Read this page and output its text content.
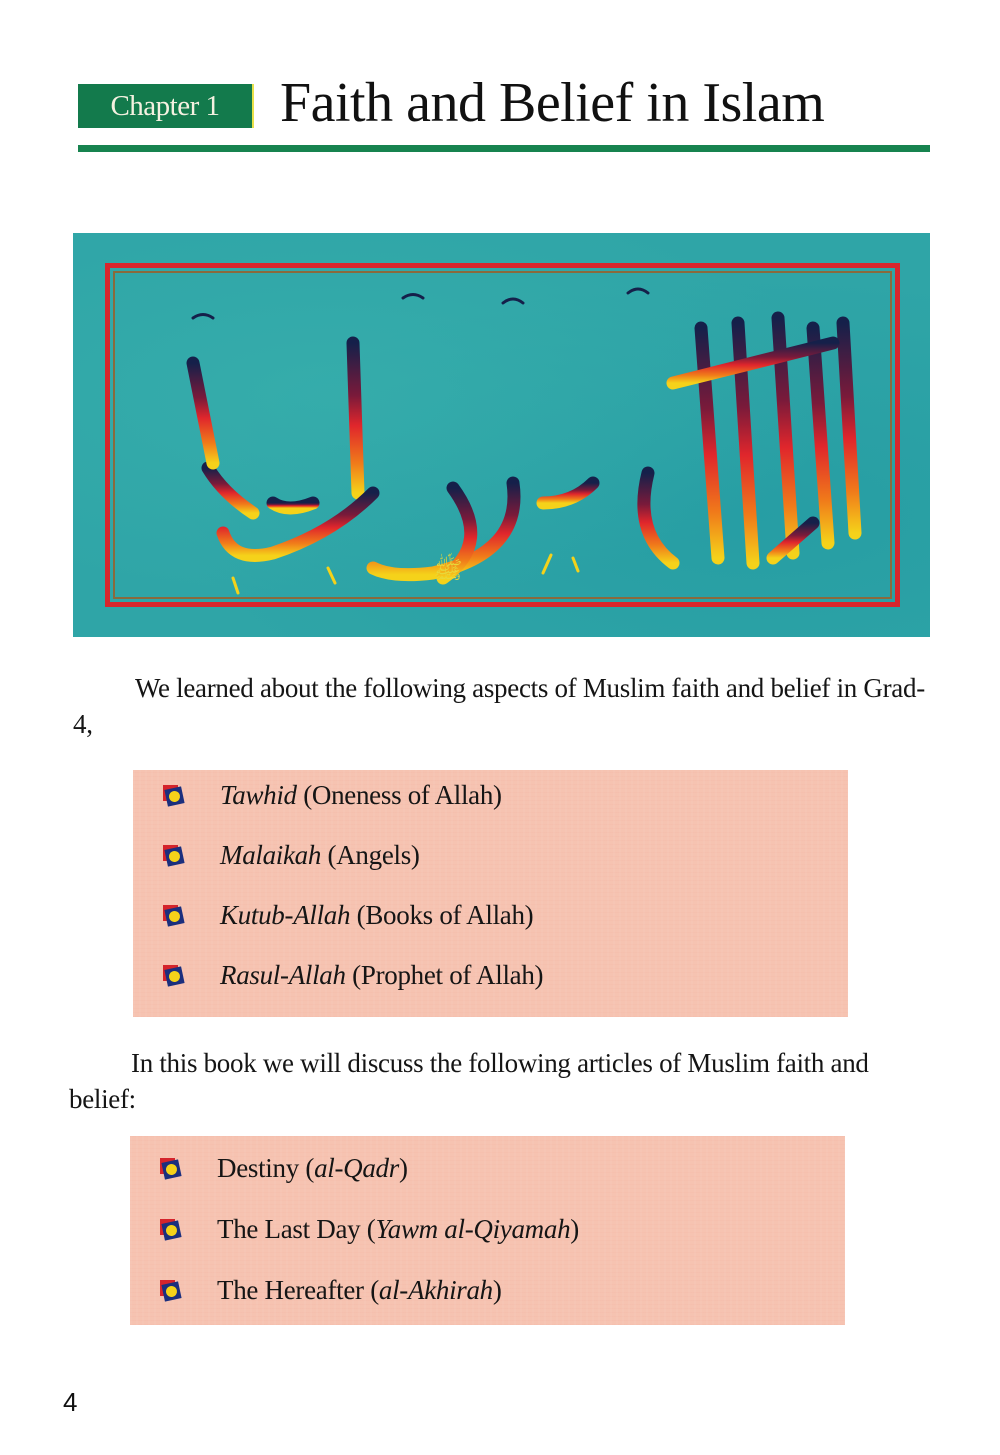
Chapter 1	Faith and Belief in Islam
ﷺ
We learned about the following aspects of Muslim faith and belief in Grad-4,
Tawhid (Oneness of Allah)
Malaikah (Angels)
Kutub-Allah (Books of Allah)
Rasul-Allah (Prophet of Allah)
In this book we will discuss the following articles of Muslim faith and belief:
Destiny (al-Qadr)
The Last Day (Yawm al-Qiyamah)
The Hereafter (al-Akhirah)
4
